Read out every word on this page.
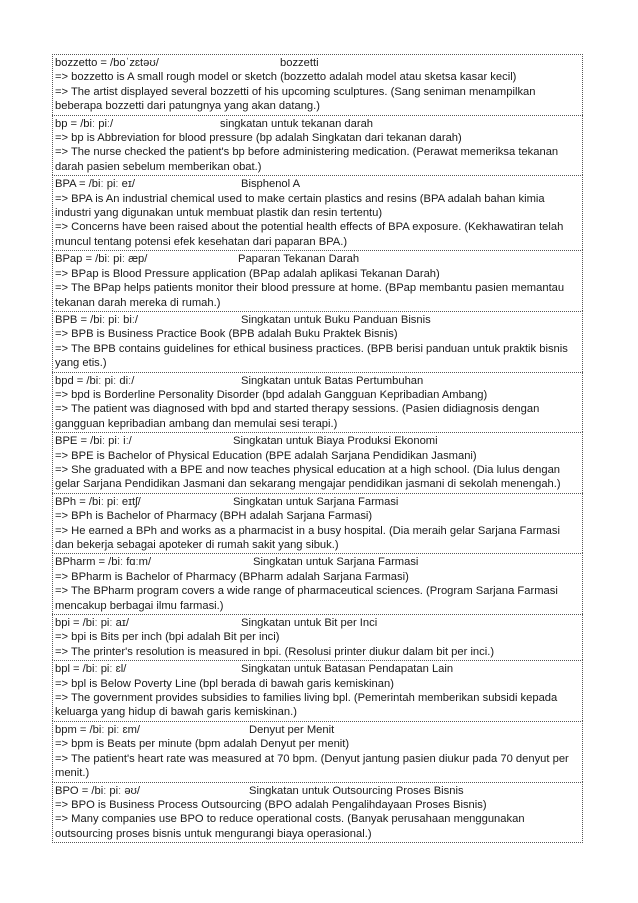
bozzetto = /boˈzɛtəʊ/	bozzetti
=> bozzetto is A small rough model or sketch (bozzetto adalah model atau sketsa kasar kecil)
=> The artist displayed several bozzetti of his upcoming sculptures. (Sang seniman menampilkan beberapa bozzetti dari patungnya yang akan datang.)
bp = /biː piː/	singkatan untuk tekanan darah
=> bp is Abbreviation for blood pressure (bp adalah Singkatan dari tekanan darah)
=> The nurse checked the patient's bp before administering medication. (Perawat memeriksa tekanan darah pasien sebelum memberikan obat.)
BPA = /biː piː eɪ/	Bisphenol A
=> BPA is An industrial chemical used to make certain plastics and resins (BPA adalah bahan kimia industri yang digunakan untuk membuat plastik dan resin tertentu)
=> Concerns have been raised about the potential health effects of BPA exposure. (Kekhawatiran telah muncul tentang potensi efek kesehatan dari paparan BPA.)
BPap = /biː piː æp/	Paparan Tekanan Darah
=> BPap is Blood Pressure application (BPap adalah aplikasi Tekanan Darah)
=> The BPap helps patients monitor their blood pressure at home. (BPap membantu pasien memantau tekanan darah mereka di rumah.)
BPB = /biː piː biː/	Singkatan untuk Buku Panduan Bisnis
=> BPB is Business Practice Book (BPB adalah Buku Praktek Bisnis)
=> The BPB contains guidelines for ethical business practices. (BPB berisi panduan untuk praktik bisnis yang etis.)
bpd = /biː piː diː/	Singkatan untuk Batas Pertumbuhan
=> bpd is Borderline Personality Disorder (bpd adalah Gangguan Kepribadian Ambang)
=> The patient was diagnosed with bpd and started therapy sessions. (Pasien didiagnosis dengan gangguan kepribadian ambang dan memulai sesi terapi.)
BPE = /biː piː iː/	Singkatan untuk Biaya Produksi Ekonomi
=> BPE is Bachelor of Physical Education (BPE adalah Sarjana Pendidikan Jasmani)
=> She graduated with a BPE and now teaches physical education at a high school. (Dia lulus dengan gelar Sarjana Pendidikan Jasmani dan sekarang mengajar pendidikan jasmani di sekolah menengah.)
BPh = /biː piː eɪtʃ/	Singkatan untuk Sarjana Farmasi
=> BPh is Bachelor of Pharmacy (BPH adalah Sarjana Farmasi)
=> He earned a BPh and works as a pharmacist in a busy hospital. (Dia meraih gelar Sarjana Farmasi dan bekerja sebagai apoteker di rumah sakit yang sibuk.)
BPharm = /biː fɑːm/	Singkatan untuk Sarjana Farmasi
=> BPharm is Bachelor of Pharmacy (BPharm adalah Sarjana Farmasi)
=> The BPharm program covers a wide range of pharmaceutical sciences. (Program Sarjana Farmasi mencakup berbagai ilmu farmasi.)
bpi = /biː piː aɪ/	Singkatan untuk Bit per Inci
=> bpi is Bits per inch (bpi adalah Bit per inci)
=> The printer's resolution is measured in bpi. (Resolusi printer diukur dalam bit per inci.)
bpl = /biː piː ɛl/	Singkatan untuk Batasan Pendapatan Lain
=> bpl is Below Poverty Line (bpl berada di bawah garis kemiskinan)
=> The government provides subsidies to families living bpl. (Pemerintah memberikan subsidi kepada keluarga yang hidup di bawah garis kemiskinan.)
bpm = /biː piː ɛm/	Denyut per Menit
=> bpm is Beats per minute (bpm adalah Denyut per menit)
=> The patient's heart rate was measured at 70 bpm. (Denyut jantung pasien diukur pada 70 denyut per menit.)
BPO = /biː piː əʊ/	Singkatan untuk Outsourcing Proses Bisnis
=> BPO is Business Process Outsourcing (BPO adalah Pengalihdayaan Proses Bisnis)
=> Many companies use BPO to reduce operational costs. (Banyak perusahaan menggunakan outsourcing proses bisnis untuk mengurangi biaya operasional.)
